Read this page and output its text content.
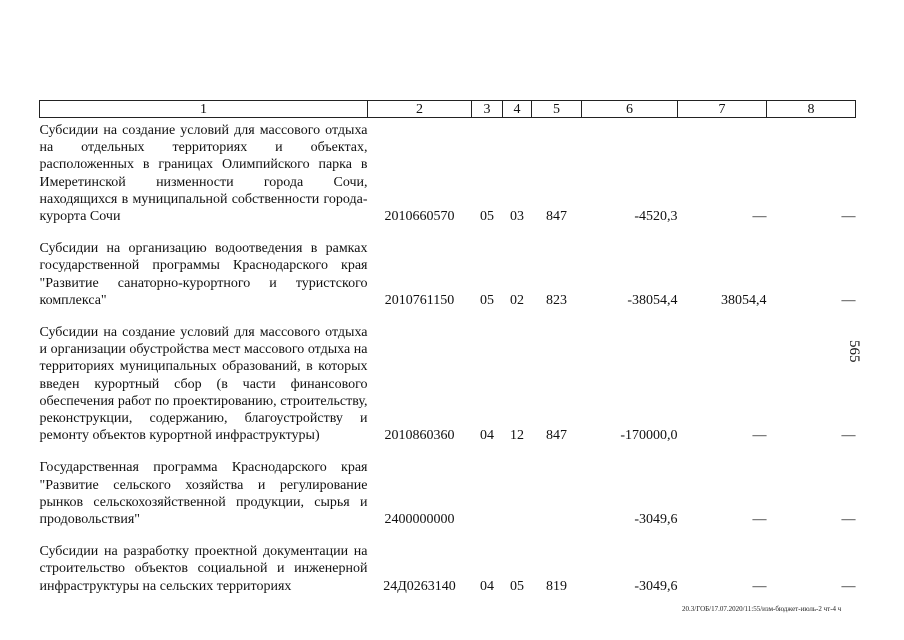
1	2	3	4	5	6	7	8

Субсидии на создание условий для массового отдыха на отдельных территориях и объектах, расположенных в границах Олимпийского парка в Имеретинской низменности города Сочи, находящихся в муниципальной собственности города-курорта Сочи	2010660570	05	03	847	-4520,3	—	—

Субсидии на организацию водоотведения в рамках государственной программы Краснодарского края "Развитие санаторно-курортного и туристского комплекса"	2010761150	05	02	823	-38054,4	38054,4	—

Субсидии на создание условий для массового отдыха и организации обустройства мест массового отдыха на территориях муниципальных образований, в которых введен курортный сбор (в части финансового обеспечения работ по проектированию, строительству, реконструкции, содержанию, благоустройству и ремонту объектов курортной инфраструктуры)	2010860360	04	12	847	-170000,0	—	—

Государственная программа Краснодарского края "Развитие сельского хозяйства и регулирование рынков сельскохозяйственной продукции, сырья и продовольствия"	2400000000				-3049,6	—	—

Субсидии на разработку проектной документации на строительство объектов социальной и инженерной инфраструктуры на сельских территориях	24Д0263140	04	05	819	-3049,6	—	—
565
20.3/ГОБ/17.07.2020/11:55/изм-бюджет-июль-2 чт-4 ч
